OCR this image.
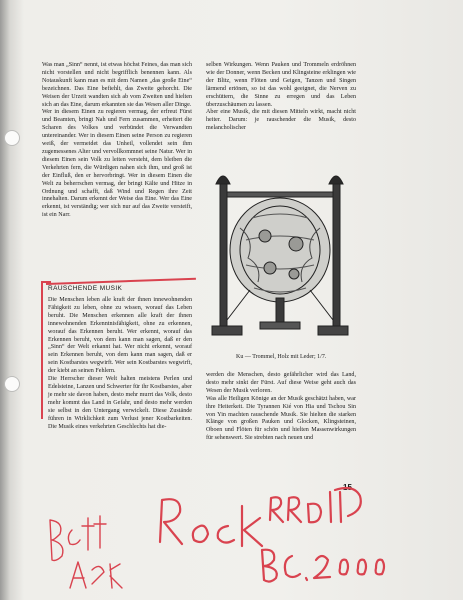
Was man „Sinn“ nennt, ist etwas höchst Feines, das man sich nicht vorstellen und nicht begrifflich benennen kann. Als Notauskunft kann man es mit dem Namen „das große Eine“ bezeichnen. Das Eine befiehlt, das Zweite gehorcht. Die Weisen der Urzeit wandten sich ab vom Zweiten und hielten sich an das Eine, darum erkannten sie das Wesen aller Dinge.

Wer in diesem Einen zu regieren vermag, der erfreut Fürst und Beamten, bringt Nah und Fern zusammen, erheitert die Scharen des Volkes und verbündet die Verwandten untereinander. Wer in diesem Einen seine Person zu regieren weiß, der vermeidet das Unheil, vollendet sein ihm zugemessenes Alter und vervollkommnet seine Natur. Wer in diesem Einen sein Volk zu leiten versteht, dem bleiben die Verkehrten fern, die Würdigen nahen sich ihm, und groß ist der Einfluß, den er hervorbringt. Wer in diesem Einen die Welt zu beherrschen vermag, der bringt Kälte und Hitze in Ordnung und schafft, daß Wind und Regen ihre Zeit innehalten. Darum erkennt der Weise das Eine. Wer das Eine erkennt, ist verständig; wer sich nur auf das Zweite versteift, ist ein Narr.

RAUSCHENDE MUSIK

Die Menschen leben alle kraft der ihnen innewohnenden Fähigkeit zu leben, ohne zu wissen, worauf das Leben beruht. Die Menschen erkennen alle kraft der ihnen innewohnenden Erkenntnisfähigkeit, ohne zu erkennen, worauf das Erkennen beruht. Wer erkennt, worauf das Erkennen beruht, von dem kann man sagen, daß er den „Sinn“ der Welt erkannt hat. Wer nicht erkennt, worauf sein Erkennen beruht, von dem kann man sagen, daß er sein Kostbarstes wegwirft. Wer sein Kostbarstes wegwirft, der kiebt an seinen Fehlern.

Die Herrscher dieser Welt halten meistens Perlen und Edelsteine, Lanzen und Schwerter für ihr Kostbarstes, aber je mehr sie davon haben, desto mehr murrt das Volk, desto mehr kommt das Land in Gefahr, und desto mehr werden sie selbst in den Untergang verwickelt. Diese Zustände führen in Wirklichkeit zum Verlust jener Kostbarkeiten. Die Musik eines verkehrten Geschlechts hat die-

selben Wirkungen. Wenn Pauken und Trommeln erdröhnen wie der Donner, wenn Becken und Klingsteine erklingen wie der Blitz, wenn Flöten und Geigen, Tanzen und Singen lärmend ertönen, so ist das wohl geeignet, die Nerven zu erschüttern, die Sinne zu erregen und das Leben überzuschäumen zu lassen.

Aber eine Musik, die mit diesen Mitteln wirkt, macht nicht heiter. Darum: je rauschender die Musik, desto melancholischer

Ku — Trommel, Holz mit Leder; 1/7.

werden die Menschen, desto gefährlicher wird das Land, desto mehr sinkt der Fürst. Auf diese Weise geht auch das Wesen der Musik verloren.

Was alle Heiligen Könige an der Musik geschätzt haben, war ihre Heiterkeit. Die Tyrannen Kié von Hia und Tschou Sin von Yin machten rauschende Musik. Sie hielten die starken Klänge von großen Pauken und Glocken, Klingsteinen, Oboen und Flöten für schön und hielten Massenwirkungen für sehenswert. Sie strebten nach neuen und

15
RocKRRoll
